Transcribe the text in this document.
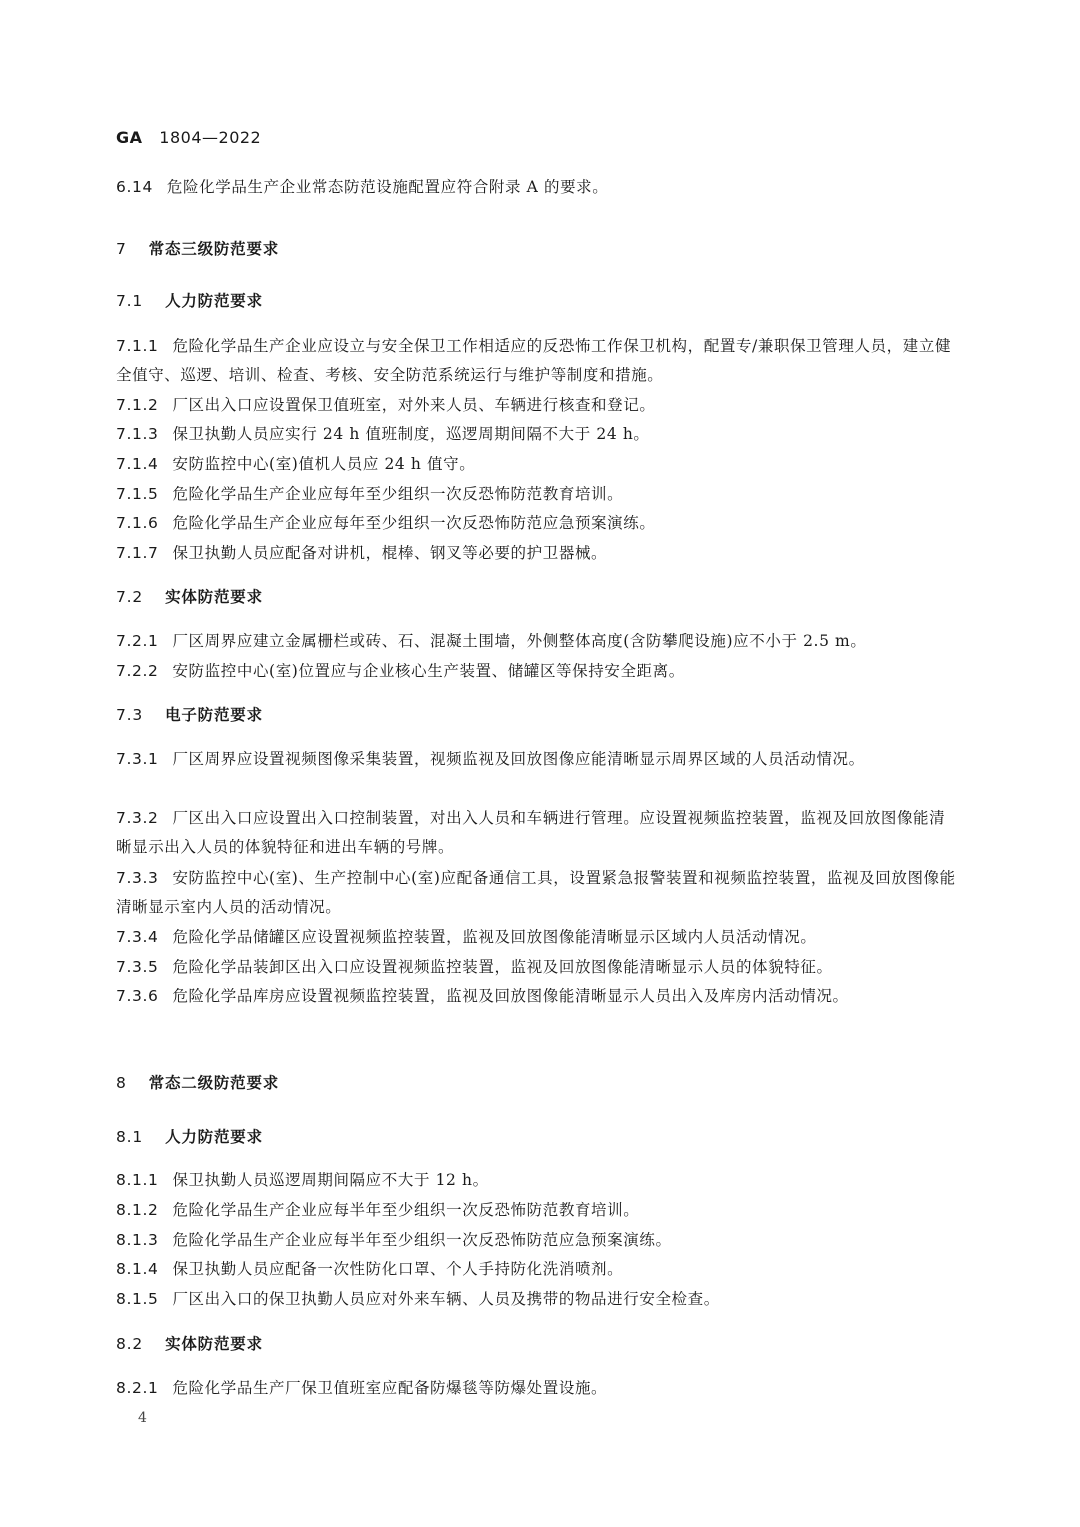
GA 1804—2022
6.14 危险化学品生产企业常态防范设施配置应符合附录 A 的要求。
7 常态三级防范要求
7.1 人力防范要求
7.1.1 危险化学品生产企业应设立与安全保卫工作相适应的反恐怖工作保卫机构，配置专/兼职保卫管理人员，建立健全值守、巡逻、培训、检查、考核、安全防范系统运行与维护等制度和措施。
7.1.2 厂区出入口应设置保卫值班室，对外来人员、车辆进行核查和登记。
7.1.3 保卫执勤人员应实行 24 h 值班制度，巡逻周期间隔不大于 24 h。
7.1.4 安防监控中心(室)值机人员应 24 h 值守。
7.1.5 危险化学品生产企业应每年至少组织一次反恐怖防范教育培训。
7.1.6 危险化学品生产企业应每年至少组织一次反恐怖防范应急预案演练。
7.1.7 保卫执勤人员应配备对讲机，棍棒、钢叉等必要的护卫器械。
7.2 实体防范要求
7.2.1 厂区周界应建立金属栅栏或砖、石、混凝土围墙，外侧整体高度(含防攀爬设施)应不小于 2.5 m。
7.2.2 安防监控中心(室)位置应与企业核心生产装置、储罐区等保持安全距离。
7.3 电子防范要求
7.3.1 厂区周界应设置视频图像采集装置，视频监视及回放图像应能清晰显示周界区域的人员活动情况。
7.3.2 厂区出入口应设置出入口控制装置，对出入人员和车辆进行管理。应设置视频监控装置，监视及回放图像能清晰显示出入人员的体貌特征和进出车辆的号牌。
7.3.3 安防监控中心(室)、生产控制中心(室)应配备通信工具，设置紧急报警装置和视频监控装置，监视及回放图像能清晰显示室内人员的活动情况。
7.3.4 危险化学品储罐区应设置视频监控装置，监视及回放图像能清晰显示区域内人员活动情况。
7.3.5 危险化学品装卸区出入口应设置视频监控装置，监视及回放图像能清晰显示人员的体貌特征。
7.3.6 危险化学品库房应设置视频监控装置，监视及回放图像能清晰显示人员出入及库房内活动情况。
8 常态二级防范要求
8.1 人力防范要求
8.1.1 保卫执勤人员巡逻周期间隔应不大于 12 h。
8.1.2 危险化学品生产企业应每半年至少组织一次反恐怖防范教育培训。
8.1.3 危险化学品生产企业应每半年至少组织一次反恐怖防范应急预案演练。
8.1.4 保卫执勤人员应配备一次性防化口罩、个人手持防化洗消喷剂。
8.1.5 厂区出入口的保卫执勤人员应对外来车辆、人员及携带的物品进行安全检查。
8.2 实体防范要求
8.2.1 危险化学品生产厂保卫值班室应配备防爆毯等防爆处置设施。
4
